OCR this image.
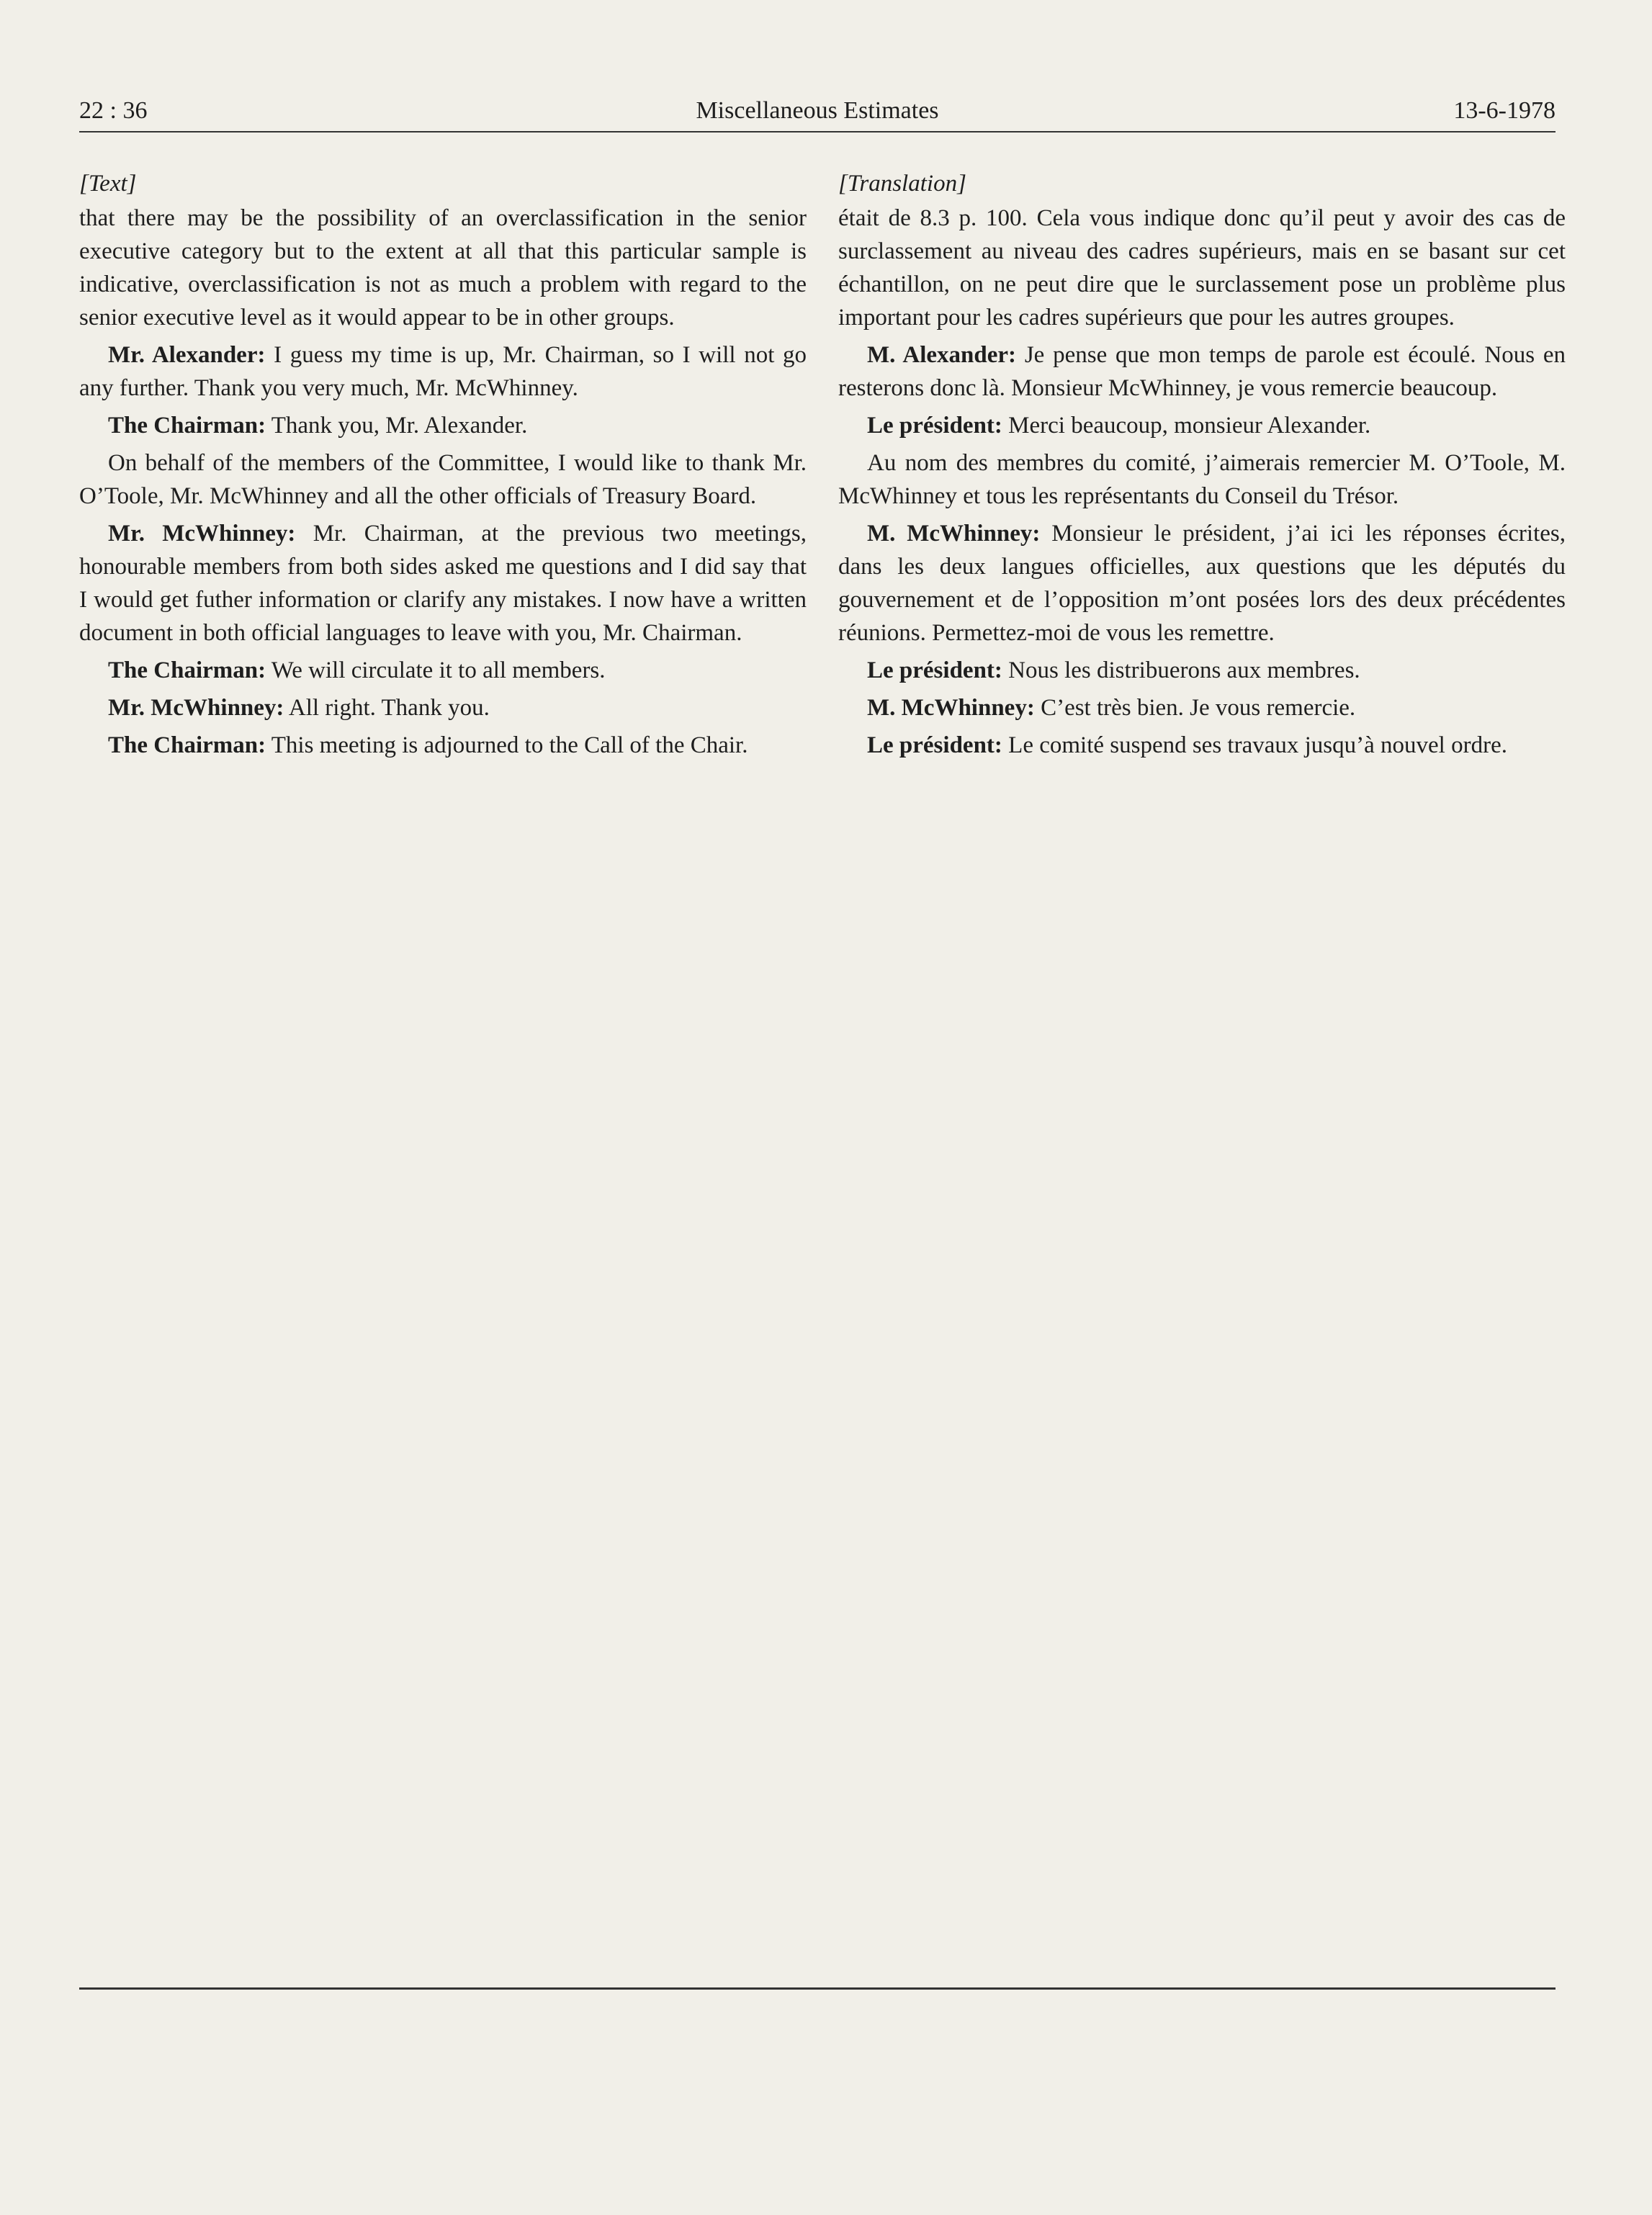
22 : 36	Miscellaneous Estimates	13-6-1978
[Text]

that there may be the possibility of an overclassification in the senior executive category but to the extent at all that this particular sample is indicative, overclassification is not as much a problem with regard to the senior executive level as it would appear to be in other groups.

Mr. Alexander: I guess my time is up, Mr. Chairman, so I will not go any further. Thank you very much, Mr. McWhinney.

The Chairman: Thank you, Mr. Alexander.

On behalf of the members of the Committee, I would like to thank Mr. O’Toole, Mr. McWhinney and all the other officials of Treasury Board.

Mr. McWhinney: Mr. Chairman, at the previous two meetings, honourable members from both sides asked me questions and I did say that I would get futher information or clarify any mistakes. I now have a written document in both official languages to leave with you, Mr. Chairman.

The Chairman: We will circulate it to all members.

Mr. McWhinney: All right. Thank you.

The Chairman: This meeting is adjourned to the Call of the Chair.

[Translation]

était de 8.3 p. 100. Cela vous indique donc qu’il peut y avoir des cas de surclassement au niveau des cadres supérieurs, mais en se basant sur cet échantillon, on ne peut dire que le surclassement pose un problème plus important pour les cadres supérieurs que pour les autres groupes.

M. Alexander: Je pense que mon temps de parole est écoulé. Nous en resterons donc là. Monsieur McWhinney, je vous remercie beaucoup.

Le président: Merci beaucoup, monsieur Alexander.

Au nom des membres du comité, j’aimerais remercier M. O’Toole, M. McWhinney et tous les représentants du Conseil du Trésor.

M. McWhinney: Monsieur le président, j’ai ici les réponses écrites, dans les deux langues officielles, aux questions que les députés du gouvernement et de l’opposition m’ont posées lors des deux précédentes réunions. Permettez-moi de vous les remettre.

Le président: Nous les distribuerons aux membres.

M. McWhinney: C’est très bien. Je vous remercie.

Le président: Le comité suspend ses travaux jusqu’à nouvel ordre.
